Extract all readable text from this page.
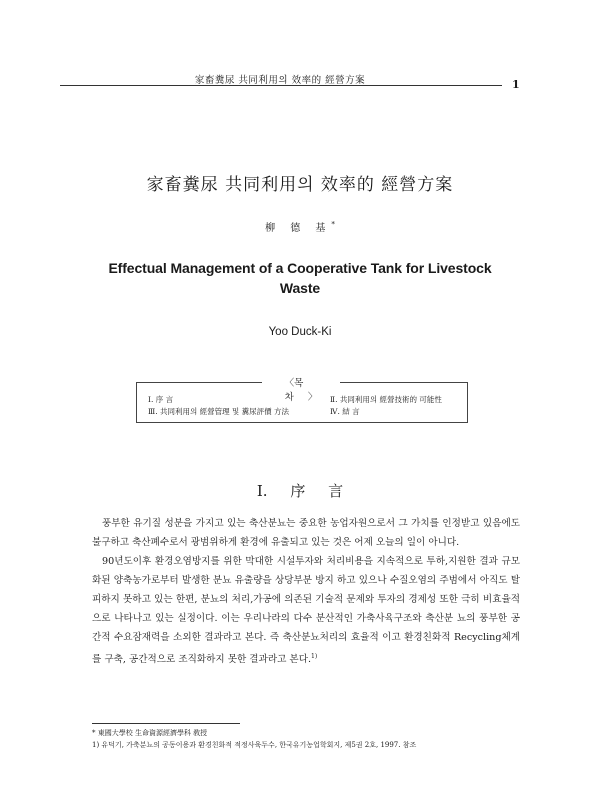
家畜糞尿 共同利用의 效率的 經營方案	1
家畜糞尿 共同利用의 效率的 經營方案
柳 德 基*
Effectual Management of a Cooperative Tank for Livestock Waste
Yoo Duck-Ki
〈목 차〉
Ⅰ. 序 言	Ⅱ. 共同利用의 經營技術的 可能性
Ⅲ. 共同利用의 經營管理 및 糞尿評價 方法	Ⅳ. 結 言
Ⅰ. 序 言

풍부한 유기질 성분을 가지고 있는 축산분뇨는 중요한 농업자원으로서 그 가치를 인정받고 있음에도 불구하고 축산폐수로서 광범위하게 환경에 유출되고 있는 것은 어제 오늘의 일이 아니다.

90년도이후 환경오염방지를 위한 막대한 시설투자와 처리비용을 지속적으로 투하,지원한 결과 규모화된 양축농가로부터 발생한 분뇨 유출량을 상당부분 방지 하고 있으나 수질오염의 주범에서 아직도 탈피하지 못하고 있는 한편, 분뇨의 처리,가공에 의존된 기술적 문제와 투자의 경제성 또한 극히 비효율적으로 나타나고 있는 실정이다. 이는 우리나라의 다수 분산적인 가축사육구조와 축산분 뇨의 풍부한 공간적 수요잠재력을 소외한 결과라고 본다. 즉 축산분뇨처리의 효율적 이고 환경친화적 Recycling체계를 구축, 공간적으로 조직화하지 못한 결과라고 본다.$^{1)}$

* 東國大學校 生命資源經濟學科 敎授
1) 유덕기, 가축분뇨의 공동이용과 환경친화적 적정사육두수, 한국유기농업학회지, 제5권 2호, 1997. 참조
